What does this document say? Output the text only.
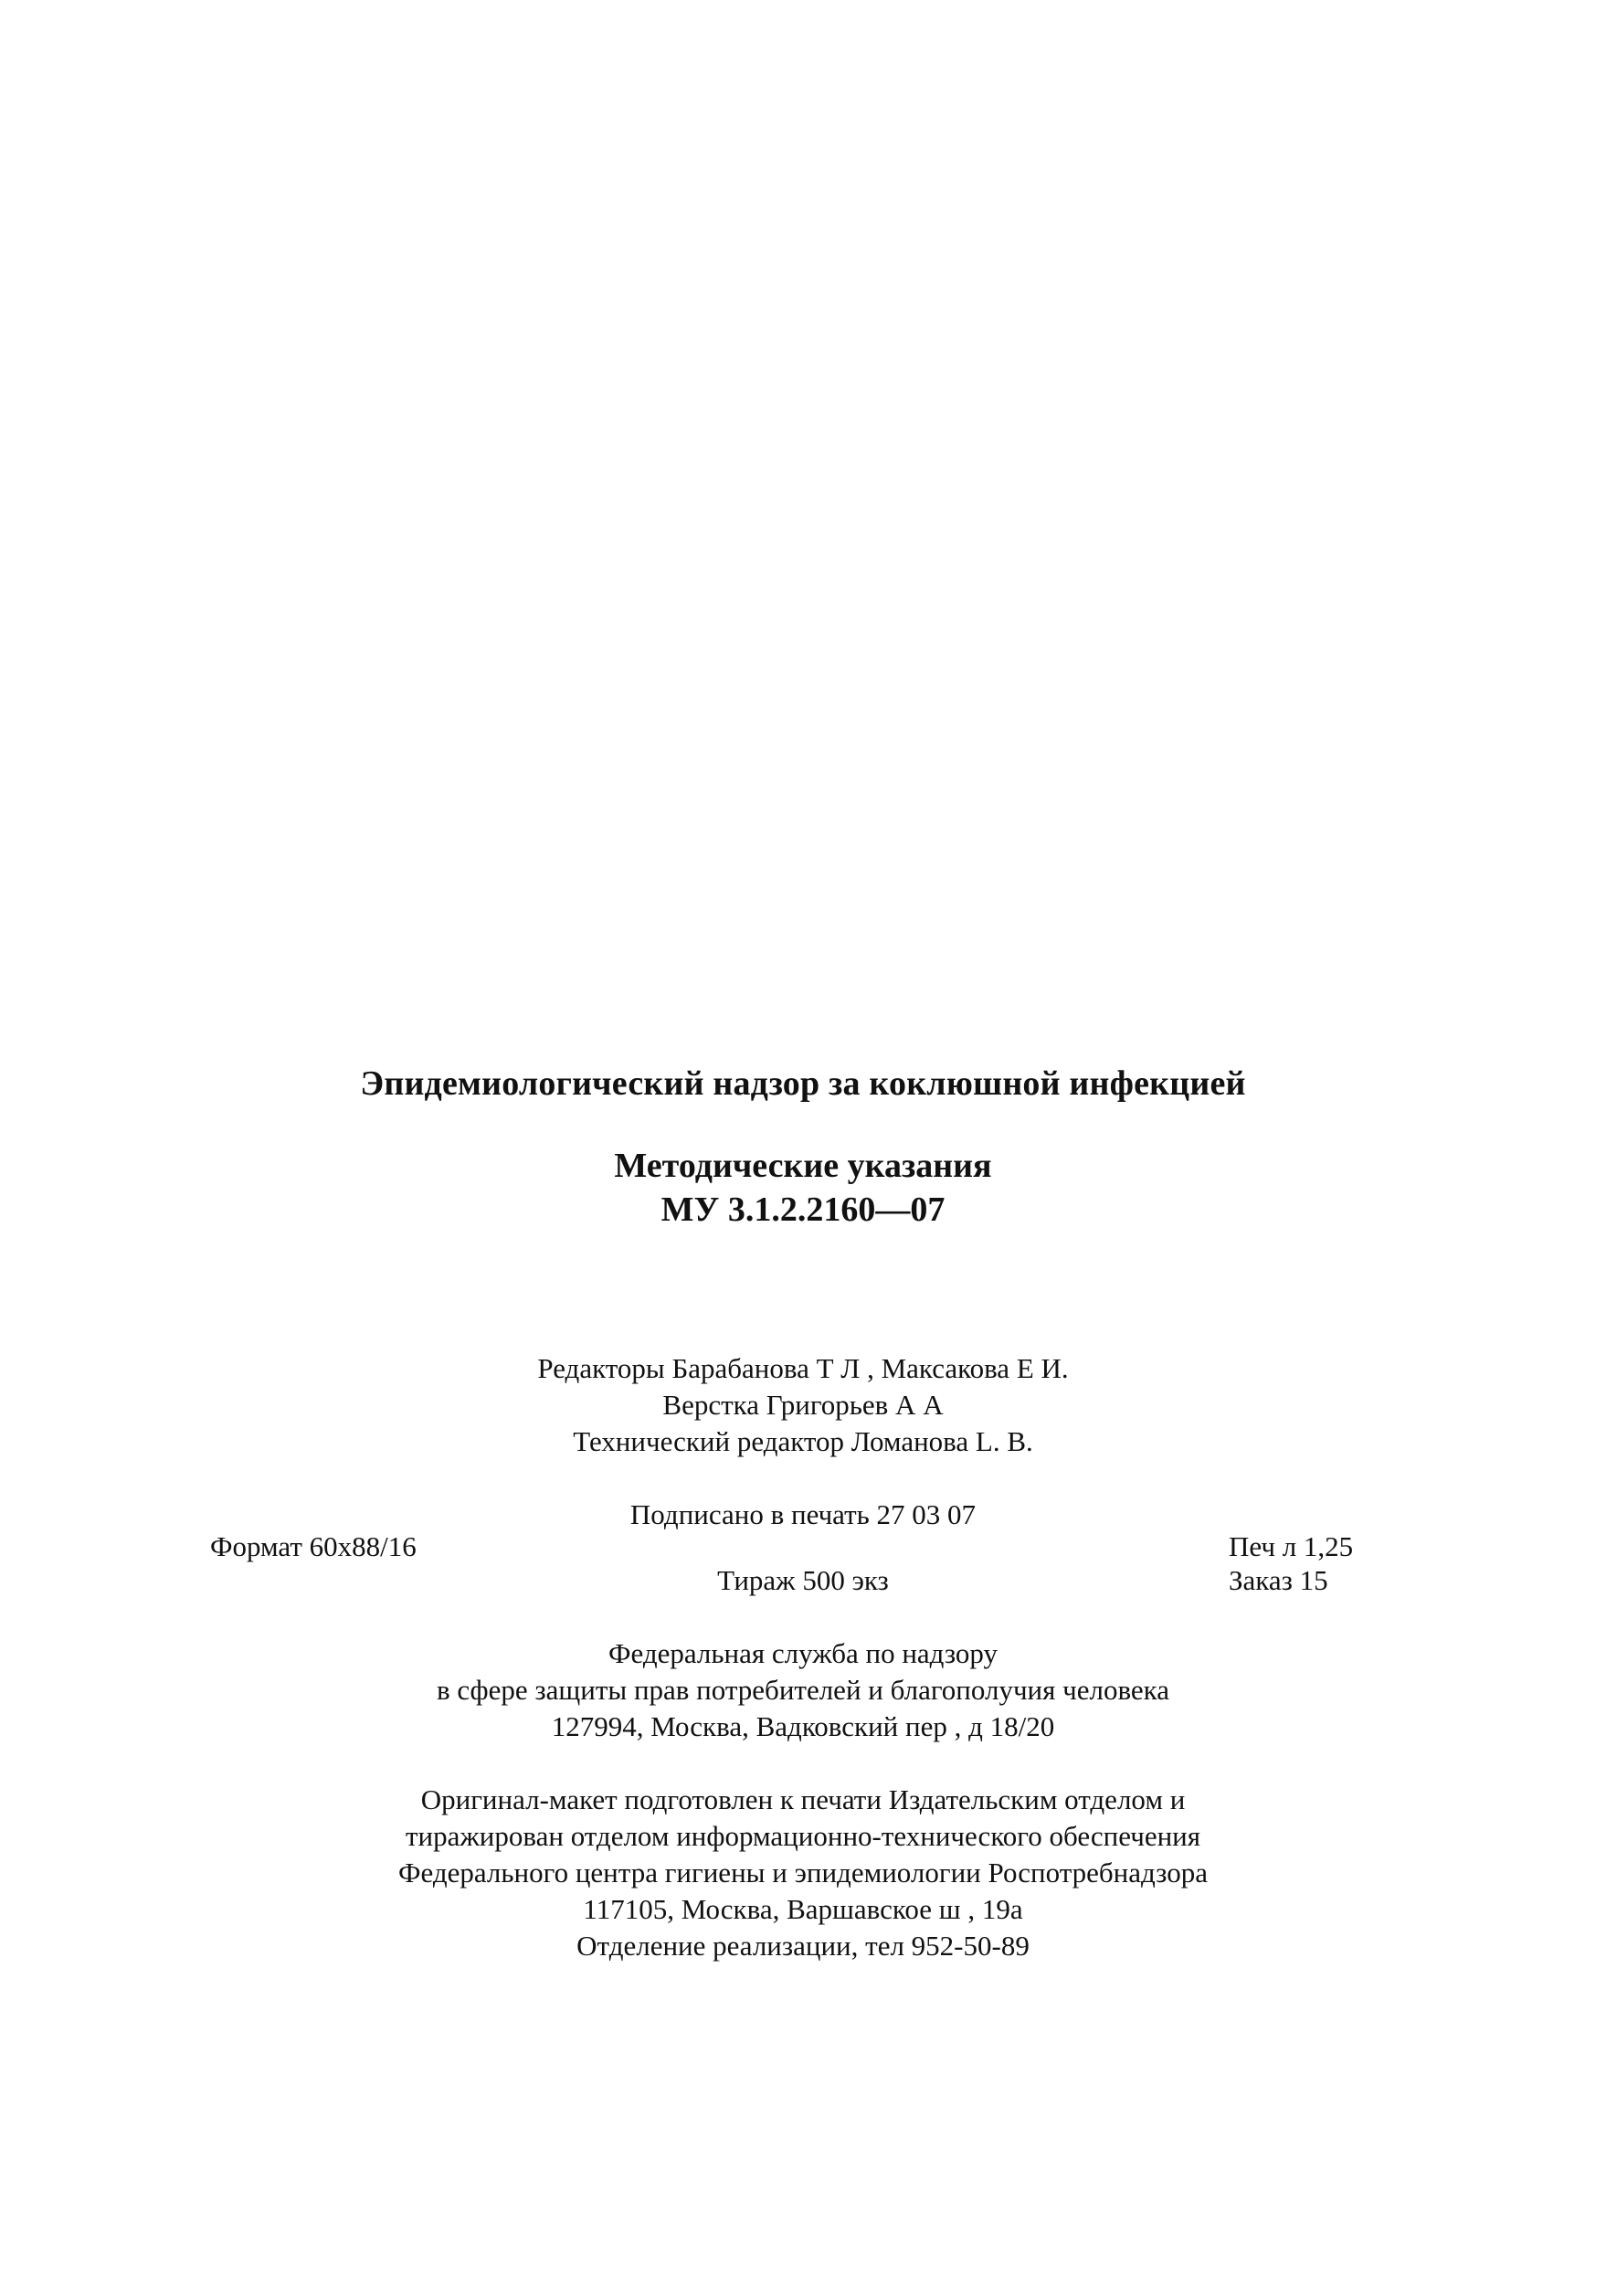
Эпидемиологический надзор за коклюшной инфекцией
Методические указания
МУ 3.1.2.2160—07
Редакторы Барабанова Т Л , Максакова Е И.
Верстка Григорьев А А
Технический редактор Ломанова L. В.
Подписано в печать 27 03 07
Формат 60x88/16	Печ л 1,25
Тираж 500 экз	Заказ 15
Федеральная служба по надзору
в сфере защиты прав потребителей и благополучия человека
127994, Москва, Вадковский пер , д 18/20
Оригинал-макет подготовлен к печати Издательским отделом и
тиражирован отделом информационно-технического обеспечения
Федерального центра гигиены и эпидемиологии Роспотребнадзора
117105, Москва, Варшавское ш , 19а
Отделение реализации, тел 952-50-89
